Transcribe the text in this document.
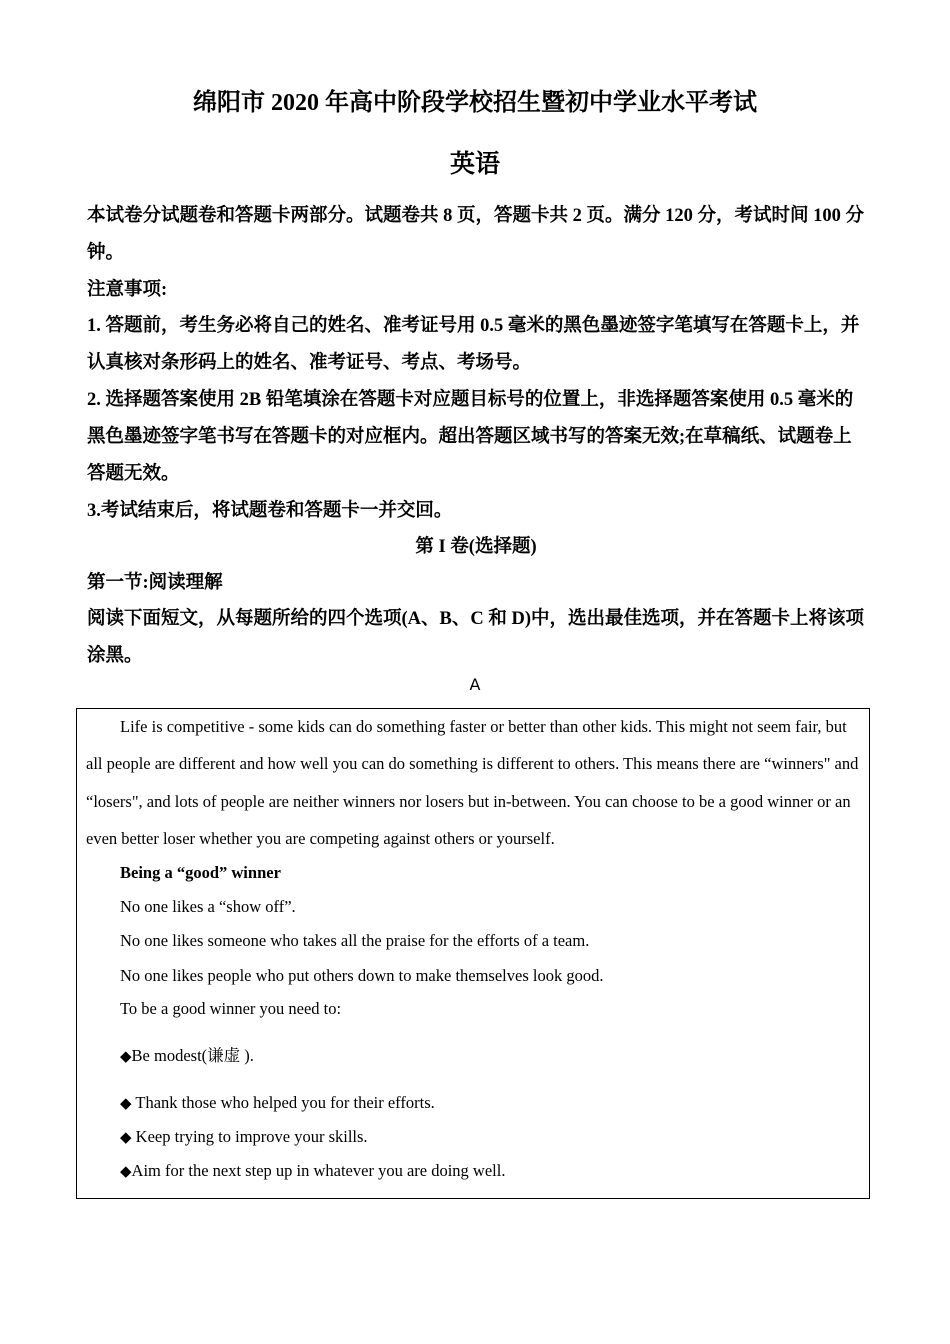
绵阳市 2020 年高中阶段学校招生暨初中学业水平考试
英语

本试卷分试题卷和答题卡两部分。试题卷共 8 页，答题卡共 2 页。满分 120 分，考试时间 100 分钟。

注意事项:

1. 答题前，考生务必将自己的姓名、准考证号用 0.5 毫米的黑色墨迹签字笔填写在答题卡上，并认真核对条形码上的姓名、准考证号、考点、考场号。

2. 选择题答案使用 2B 铅笔填涂在答题卡对应题目标号的位置上，非选择题答案使用 0.5 毫米的黑色墨迹签字笔书写在答题卡的对应框内。超出答题区域书写的答案无效;在草稿纸、试题卷上答题无效。

3.考试结束后，将试题卷和答题卡一并交回。

第 I 卷(选择题)

第一节:阅读理解

阅读下面短文，从每题所给的四个选项(A、B、C 和 D)中，选出最佳选项，并在答题卡上将该项涂黑。

A

Life is competitive - some kids can do something faster or better than other kids. This might not seem fair, but all people are different and how well you can do something is different to others. This means there are “winners" and “losers", and lots of people are neither winners nor losers but in-between. You can choose to be a good winner or an even better loser whether you are competing against others or yourself.

Being a “good” winner
No one likes a “show off”.
No one likes someone who takes all the praise for the efforts of a team.
No one likes people who put others down to make themselves look good.
To be a good winner you need to:
◆Be modest(谦虚 ).
◆ Thank those who helped you for their efforts.
◆ Keep trying to improve your skills.
◆Aim for the next step up in whatever you are doing well.
